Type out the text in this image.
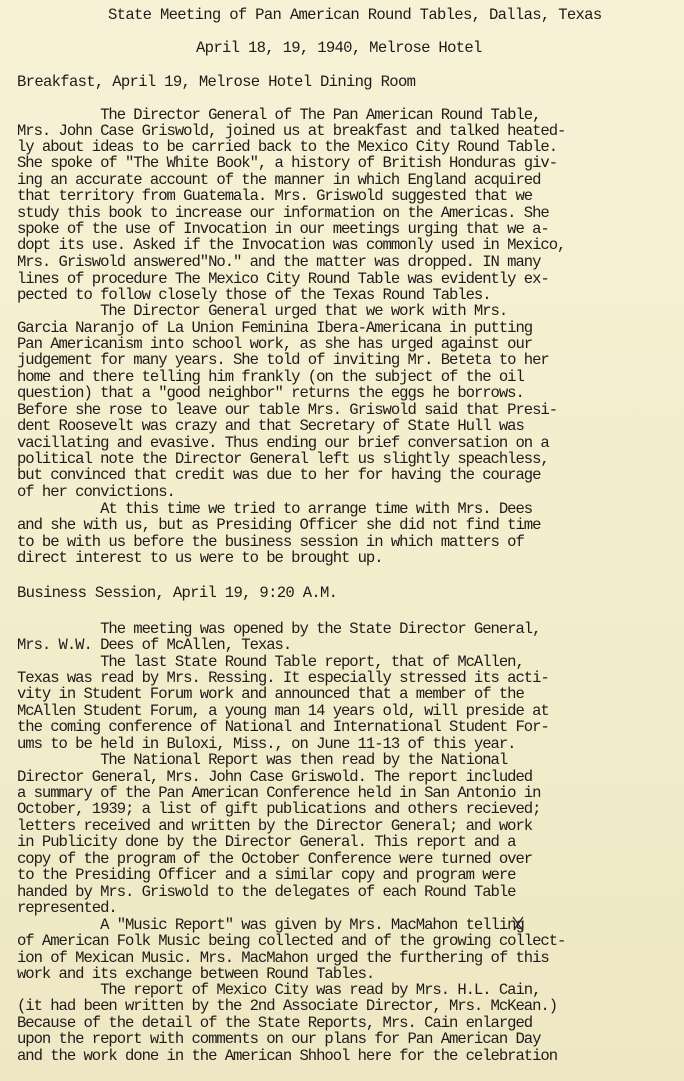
State Meeting of Pan American Round Tables, Dallas, Texas
April 18, 19, 1940, Melrose Hotel
Breakfast, April 19, Melrose Hotel Dining Room
The Director General of The Pan American Round Table,
Mrs. John Case Griswold, joined us at breakfast and talked heated-
ly about ideas to be carried back to the Mexico City Round Table.
She spoke of "The White Book", a history of British Honduras giv-
ing an accurate account of the manner in which England acquired
that territory from Guatemala. Mrs. Griswold suggested that we
study this book to increase our information on the Americas. She
spoke of the use of Invocation in our meetings urging that we a-
dopt its use. Asked if the Invocation was commonly used in Mexico,
Mrs. Griswold answered"No." and the matter was dropped. IN many
lines of procedure The Mexico City Round Table was evidently ex-
pected to follow closely those of the Texas Round Tables.
The Director General urged that we work with Mrs.
Garcia Naranjo of La Union Feminina Ibera-Americana in putting
Pan Americanism into school work, as she has urged against our
judgement for many years. She told of inviting Mr. Beteta to her
home and there telling him frankly (on the subject of the oil
question) that a "good neighbor" returns the eggs he borrows.
Before she rose to leave our table Mrs. Griswold said that Presi-
dent Roosevelt was crazy and that Secretary of State Hull was
vacillating and evasive. Thus ending our brief conversation on a
political note the Director General left us slightly speachless,
but convinced that credit was due to her for having the courage
of her convictions.
At this time we tried to arrange time with Mrs. Dees
and she with us, but as Presiding Officer she did not find time
to be with us before the business session in which matters of
direct interest to us were to be brought up.
Business Session, April 19, 9:20 A.M.
The meeting was opened by the State Director General,
Mrs. W.W. Dees of McAllen, Texas.
The last State Round Table report, that of McAllen,
Texas was read by Mrs. Ressing. It especially stressed its acti-
vity in Student Forum work and announced that a member of the
McAllen Student Forum, a young man 14 years old, will preside at
the coming conference of National and International Student For-
ums to be held in Buloxi, Miss., on June 11-13 of this year.
The National Report was then read by the National
Director General, Mrs. John Case Griswold. The report included
a summary of the Pan American Conference held in San Antonio in
October, 1939; a list of gift publications and others recieved;
letters received and written by the Director General; and work
in Publicity done by the Director General. This report and a
copy of the program of the October Conference were turned over
to the Presiding Officer and a similar copy and program were
handed by Mrs. Griswold to the delegates of each Round Table
represented.
A "Music Report" was given by Mrs. MacMahon telling
of American Folk Music being collected and of the growing collect-
ion of Mexican Music. Mrs. MacMahon urged the furthering of this
work and its exchange between Round Tables.
The report of Mexico City was read by Mrs. H.L. Cain,
(it had been written by the 2nd Associate Director, Mrs. McKean.)
Because of the detail of the State Reports, Mrs. Cain enlarged
upon the report with comments on our plans for Pan American Day
and the work done in the American Shhool here for the celebration
